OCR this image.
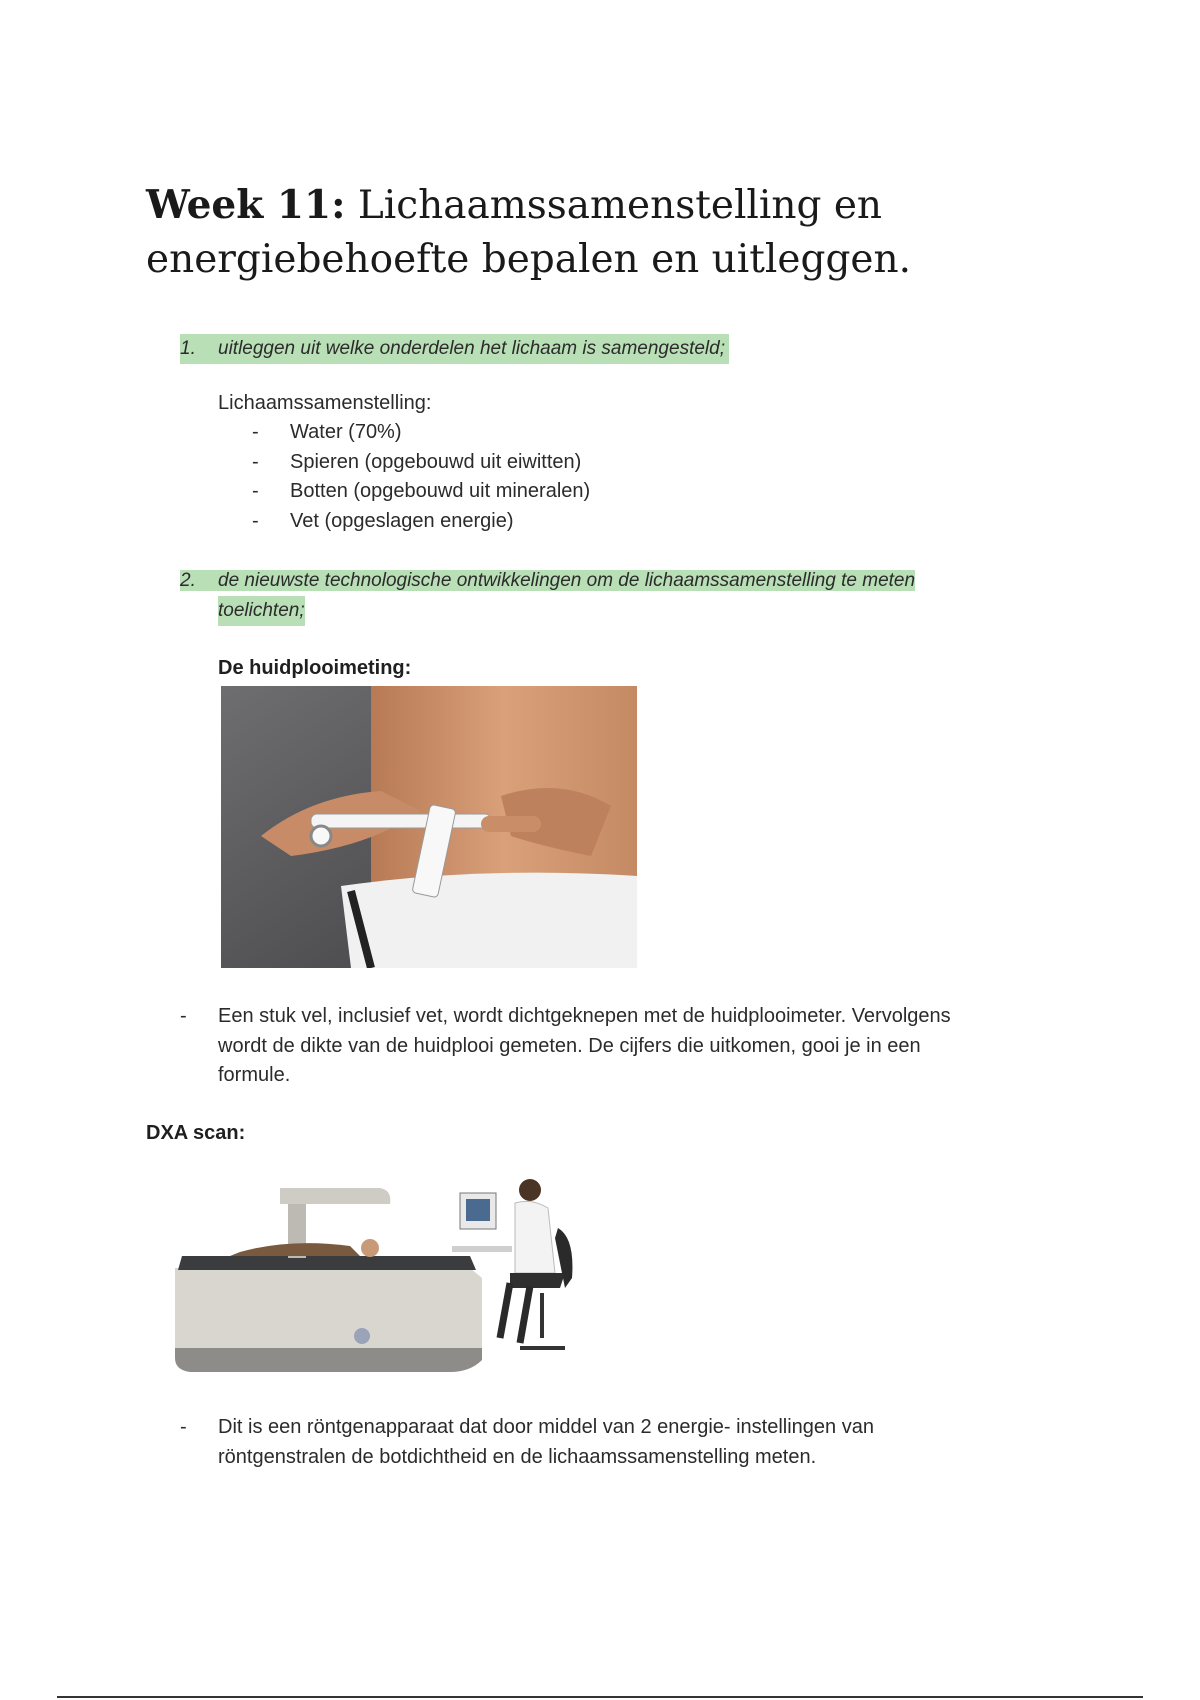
Week 11: Lichaamssamenstelling en
energiebehoefte bepalen en uitleggen.
1. uitleggen uit welke onderdelen het lichaam is samengesteld;
Lichaamssamenstelling:
- Water (70%)
- Spieren (opgebouwd uit eiwitten)
- Botten (opgebouwd uit mineralen)
- Vet (opgeslagen energie)
2. de nieuwste technologische ontwikkelingen om de lichaamssamenstelling te meten
toelichten;
De huidplooimeting:
- Een stuk vel, inclusief vet, wordt dichtgeknepen met de huidplooimeter. Vervolgens
wordt de dikte van de huidplooi gemeten. De cijfers die uitkomen, gooi je in een
formule.
DXA scan:
- Dit is een röntgenapparaat dat door middel van 2 energie- instellingen van
röntgenstralen de botdichtheid en de lichaamssamenstelling meten.
